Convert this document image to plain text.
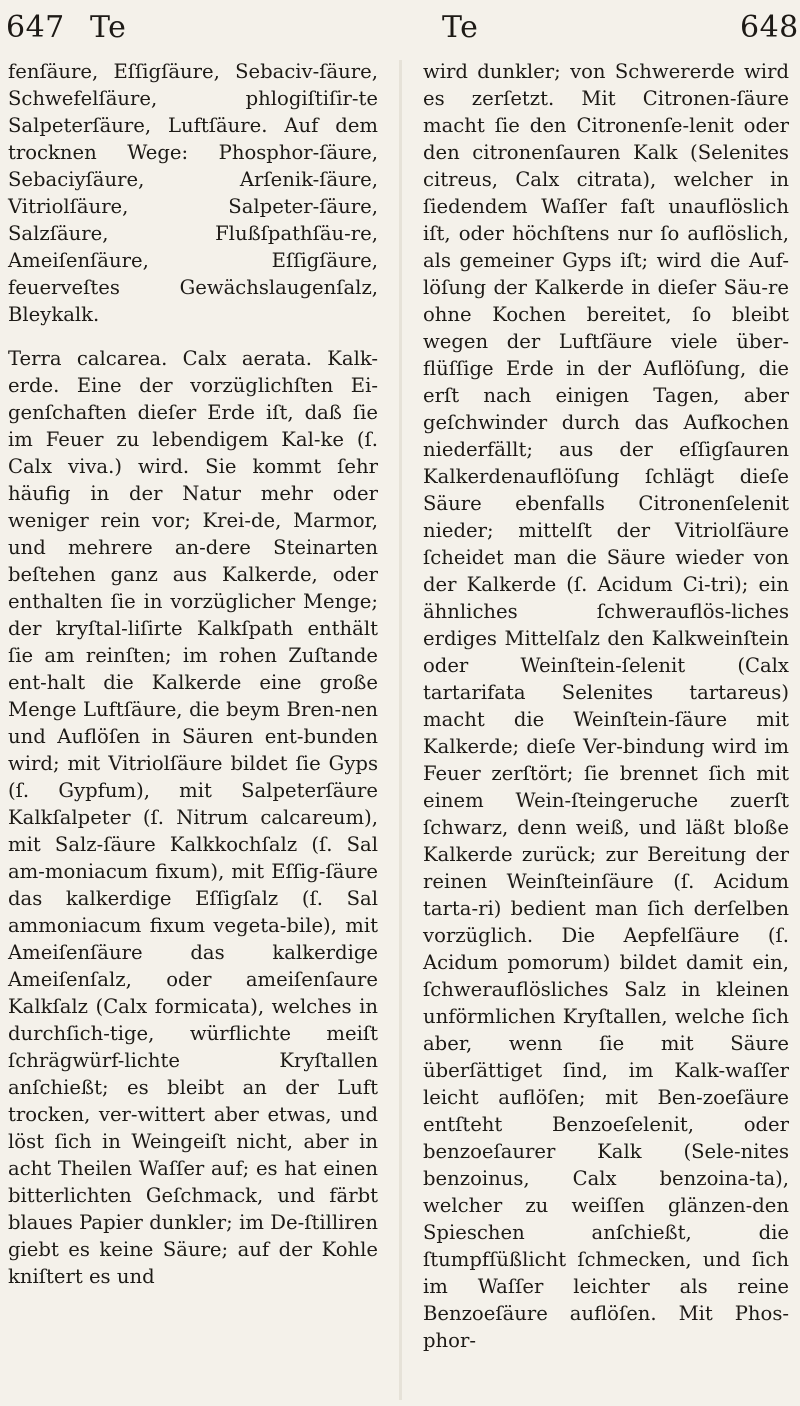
647 Te	Te	648

fenſäure, Eſſigſäure, Sebaciv-ſäure, Schwefelſäure, phlogiſtiſir-te Salpeterſäure, Luftſäure. Auf dem trocknen Wege: Phosphor-ſäure, Sebaciyſäure, Arſenik-ſäure, Vitriolſäure, Salpeter-ſäure, Salzſäure, Flußſpathſäu-re, Ameiſenſäure, Eſſigſäure, feuerveſtes Gewächslaugenſalz, Bleykalk.

Terra calcarea. Calx aerata. Kalk-erde. Eine der vorzüglichſten Ei-genſchaften dieſer Erde iſt, daß ſie im Feuer zu lebendigem Kal-ke (ſ. Calx viva.) wird. Sie kommt ſehr häufig in der Natur mehr oder weniger rein vor; Krei-de, Marmor, und mehrere an-dere Steinarten beſtehen ganz aus Kalkerde, oder enthalten ſie in vorzüglicher Menge; der kryſtal-liſirte Kalkſpath enthält ſie am reinſten; im rohen Zuſtande ent-halt die Kalkerde eine große Menge Luftſäure, die beym Bren-nen und Auflöſen in Säuren ent-bunden wird; mit Vitriolſäure bildet ſie Gyps (ſ. Gypfum), mit Salpeterſäure Kalkſalpeter (ſ. Nitrum calcareum), mit Salz-ſäure Kalkkochſalz (ſ. Sal am-moniacum fixum), mit Eſſig-ſäure das kalkerdige Eſſigſalz (ſ. Sal ammoniacum fixum vegeta-bile), mit Ameiſenſäure das kalkerdige Ameiſenſalz, oder ameiſenſaure Kalkſalz (Calx formicata), welches in durchſich-tige, würflichte meiſt ſchrägwürf-lichte Kryſtallen anſchießt; es bleibt an der Luft trocken, ver-wittert aber etwas, und löst ſich in Weingeiſt nicht, aber in acht Theilen Waſſer auf; es hat einen bitterlichten Geſchmack, und färbt blaues Papier dunkler; im De-ſtilliren giebt es keine Säure; auf der Kohle kniſtert es und

wird dunkler; von Schwererde wird es zerſetzt. Mit Citronen-ſäure macht ſie den Citronenſe-lenit oder den citronenſauren Kalk (Selenites citreus, Calx citrata), welcher in ſiedendem Waſſer faſt unauflöslich iſt, oder höchſtens nur ſo auflöslich, als gemeiner Gyps iſt; wird die Auf-löſung der Kalkerde in dieſer Säu-re ohne Kochen bereitet, ſo bleibt wegen der Luftſäure viele über-flüſſige Erde in der Auflöſung, die erſt nach einigen Tagen, aber geſchwinder durch das Aufkochen niederfällt; aus der eſſigſauren Kalkerdenauflöſung ſchlägt dieſe Säure ebenfalls Citronenſelenit nieder; mittelſt der Vitriolſäure ſcheidet man die Säure wieder von der Kalkerde (ſ. Acidum Ci-tri); ein ähnliches ſchwerauflös-liches erdiges Mittelſalz den Kalkweinſtein oder Weinſtein-ſelenit (Calx tartarifata Selenites tartareus) macht die Weinſtein-ſäure mit Kalkerde; dieſe Ver-bindung wird im Feuer zerſtört; ſie brennet ſich mit einem Wein-ſteingeruche zuerſt ſchwarz, denn weiß, und läßt bloße Kalkerde zurück; zur Bereitung der reinen Weinſteinſäure (ſ. Acidum tarta-ri) bedient man ſich derſelben vorzüglich. Die Aepfelſäure (ſ. Acidum pomorum) bildet damit ein, ſchwerauflösliches Salz in kleinen unförmlichen Kryſtallen, welche ſich aber, wenn ſie mit Säure überſättiget ſind, im Kalk-waſſer leicht auflöſen; mit Ben-zoeſäure entſteht Benzoeſelenit, oder benzoeſaurer Kalk (Sele-nites benzoinus, Calx benzoina-ta), welcher zu weiſſen glänzen-den Spieschen anſchießt, die ſtumpfſüßlicht ſchmecken, und ſich im Waſſer leichter als reine Benzoeſäure auflöſen. Mit Phos-phor-
